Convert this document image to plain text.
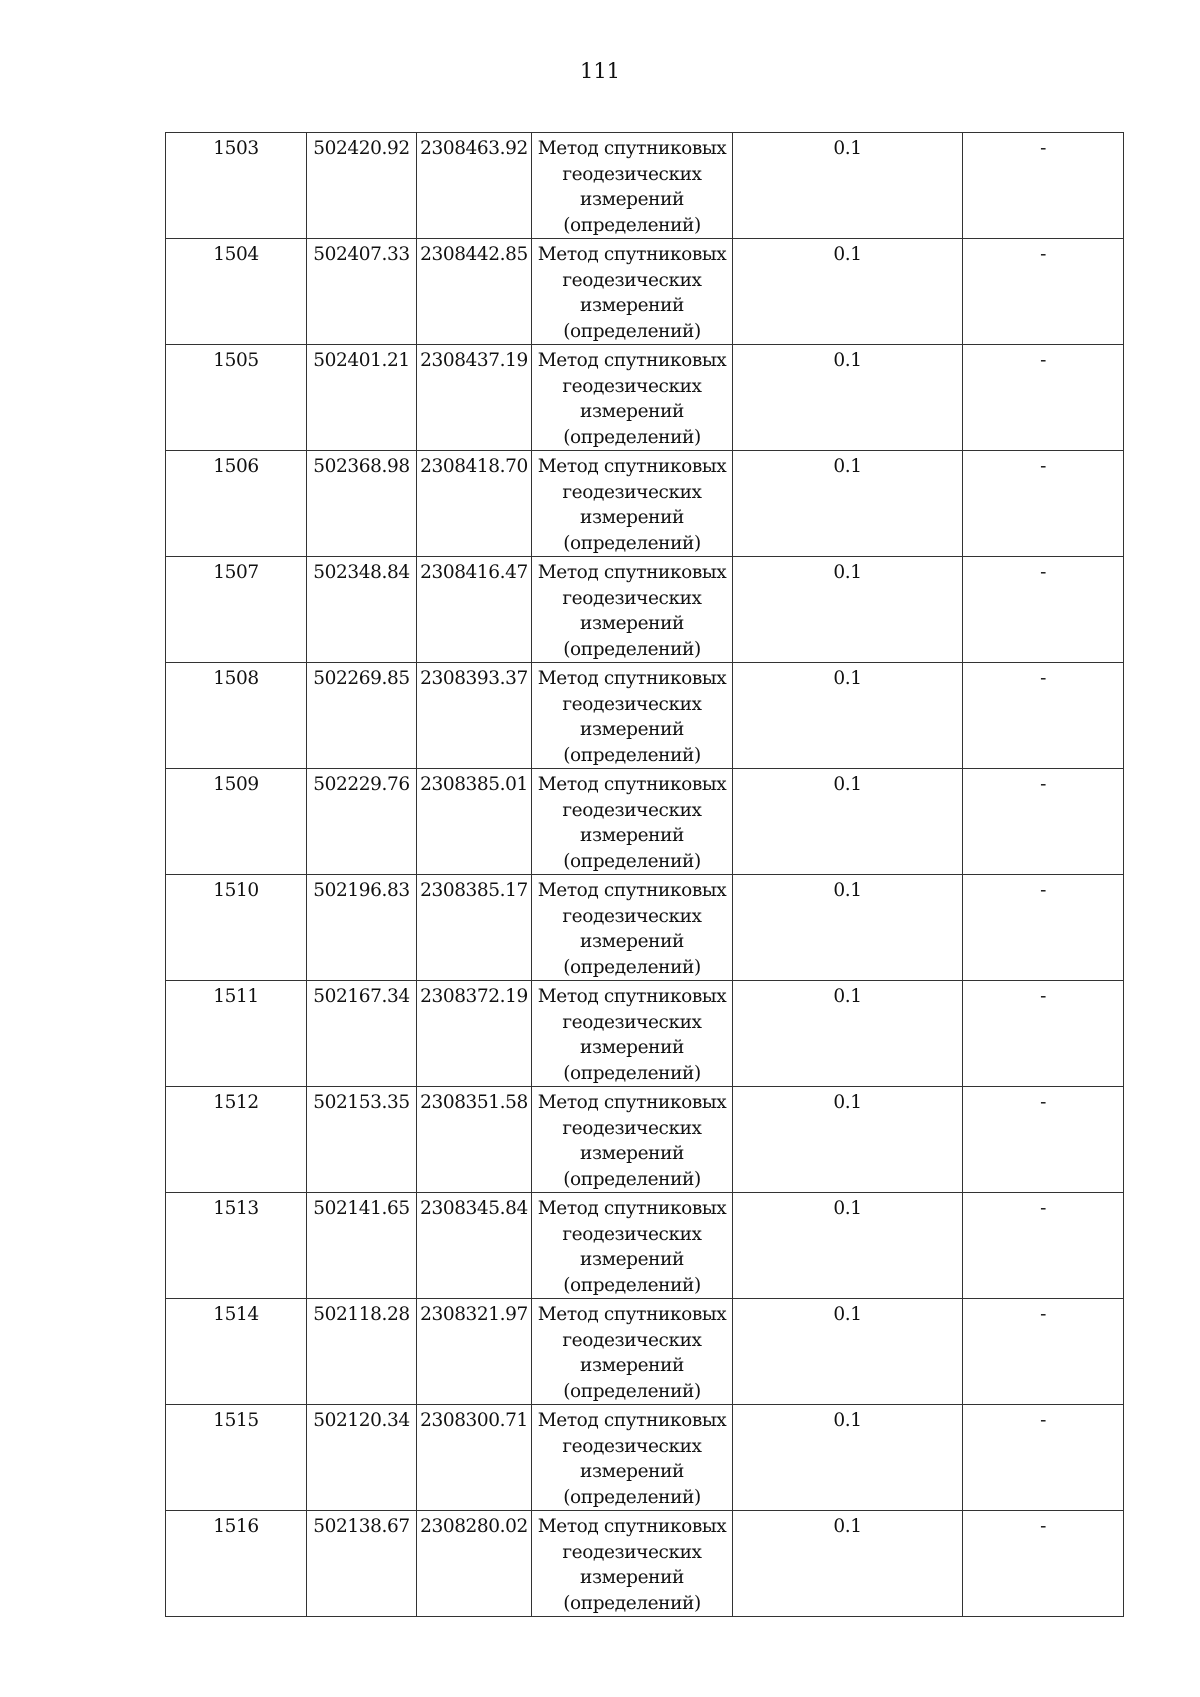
111
1503	502420.92	2308463.92	Метод спутниковых
геодезических
измерений
(определений)	0.1	-
1504	502407.33	2308442.85	Метод спутниковых
геодезических
измерений
(определений)	0.1	-
1505	502401.21	2308437.19	Метод спутниковых
геодезических
измерений
(определений)	0.1	-
1506	502368.98	2308418.70	Метод спутниковых
геодезических
измерений
(определений)	0.1	-
1507	502348.84	2308416.47	Метод спутниковых
геодезических
измерений
(определений)	0.1	-
1508	502269.85	2308393.37	Метод спутниковых
геодезических
измерений
(определений)	0.1	-
1509	502229.76	2308385.01	Метод спутниковых
геодезических
измерений
(определений)	0.1	-
1510	502196.83	2308385.17	Метод спутниковых
геодезических
измерений
(определений)	0.1	-
1511	502167.34	2308372.19	Метод спутниковых
геодезических
измерений
(определений)	0.1	-
1512	502153.35	2308351.58	Метод спутниковых
геодезических
измерений
(определений)	0.1	-
1513	502141.65	2308345.84	Метод спутниковых
геодезических
измерений
(определений)	0.1	-
1514	502118.28	2308321.97	Метод спутниковых
геодезических
измерений
(определений)	0.1	-
1515	502120.34	2308300.71	Метод спутниковых
геодезических
измерений
(определений)	0.1	-
1516	502138.67	2308280.02	Метод спутниковых
геодезических
измерений
(определений)	0.1	-
